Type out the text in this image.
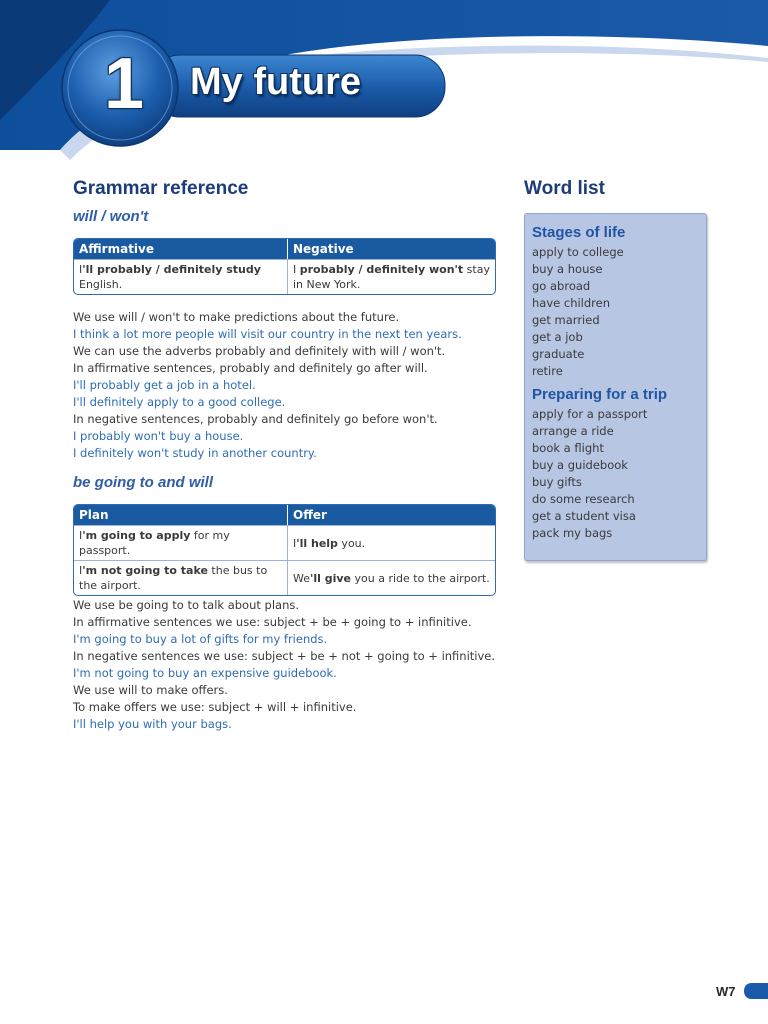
1 My future
Grammar reference
will / won't
Affirmative	Negative
I'll probably / definitely study English.	I probably / definitely won't stay in New York.
We use will / won't to make predictions about the future.
I think a lot more people will visit our country in the next ten years.
We can use the adverbs probably and definitely with will / won't.
In affirmative sentences, probably and definitely go after will.
I'll probably get a job in a hotel.
I'll definitely apply to a good college.
In negative sentences, probably and definitely go before won't.
I probably won't buy a house.
I definitely won't study in another country.
be going to and will
Plan	Offer
I'm going to apply for my passport.	I'll help you.
I'm not going to take the bus to the airport.	We'll give you a ride to the airport.
We use be going to to talk about plans.
In affirmative sentences we use: subject + be + going to + infinitive.
I'm going to buy a lot of gifts for my friends.
In negative sentences we use: subject + be + not + going to + infinitive.
I'm not going to buy an expensive guidebook.
We use will to make offers.
To make offers we use: subject + will + infinitive.
I'll help you with your bags.
Word list
Stages of life
apply to college
buy a house
go abroad
have children
get married
get a job
graduate
retire
Preparing for a trip
apply for a passport
arrange a ride
book a flight
buy a guidebook
buy gifts
do some research
get a student visa
pack my bags
W7
